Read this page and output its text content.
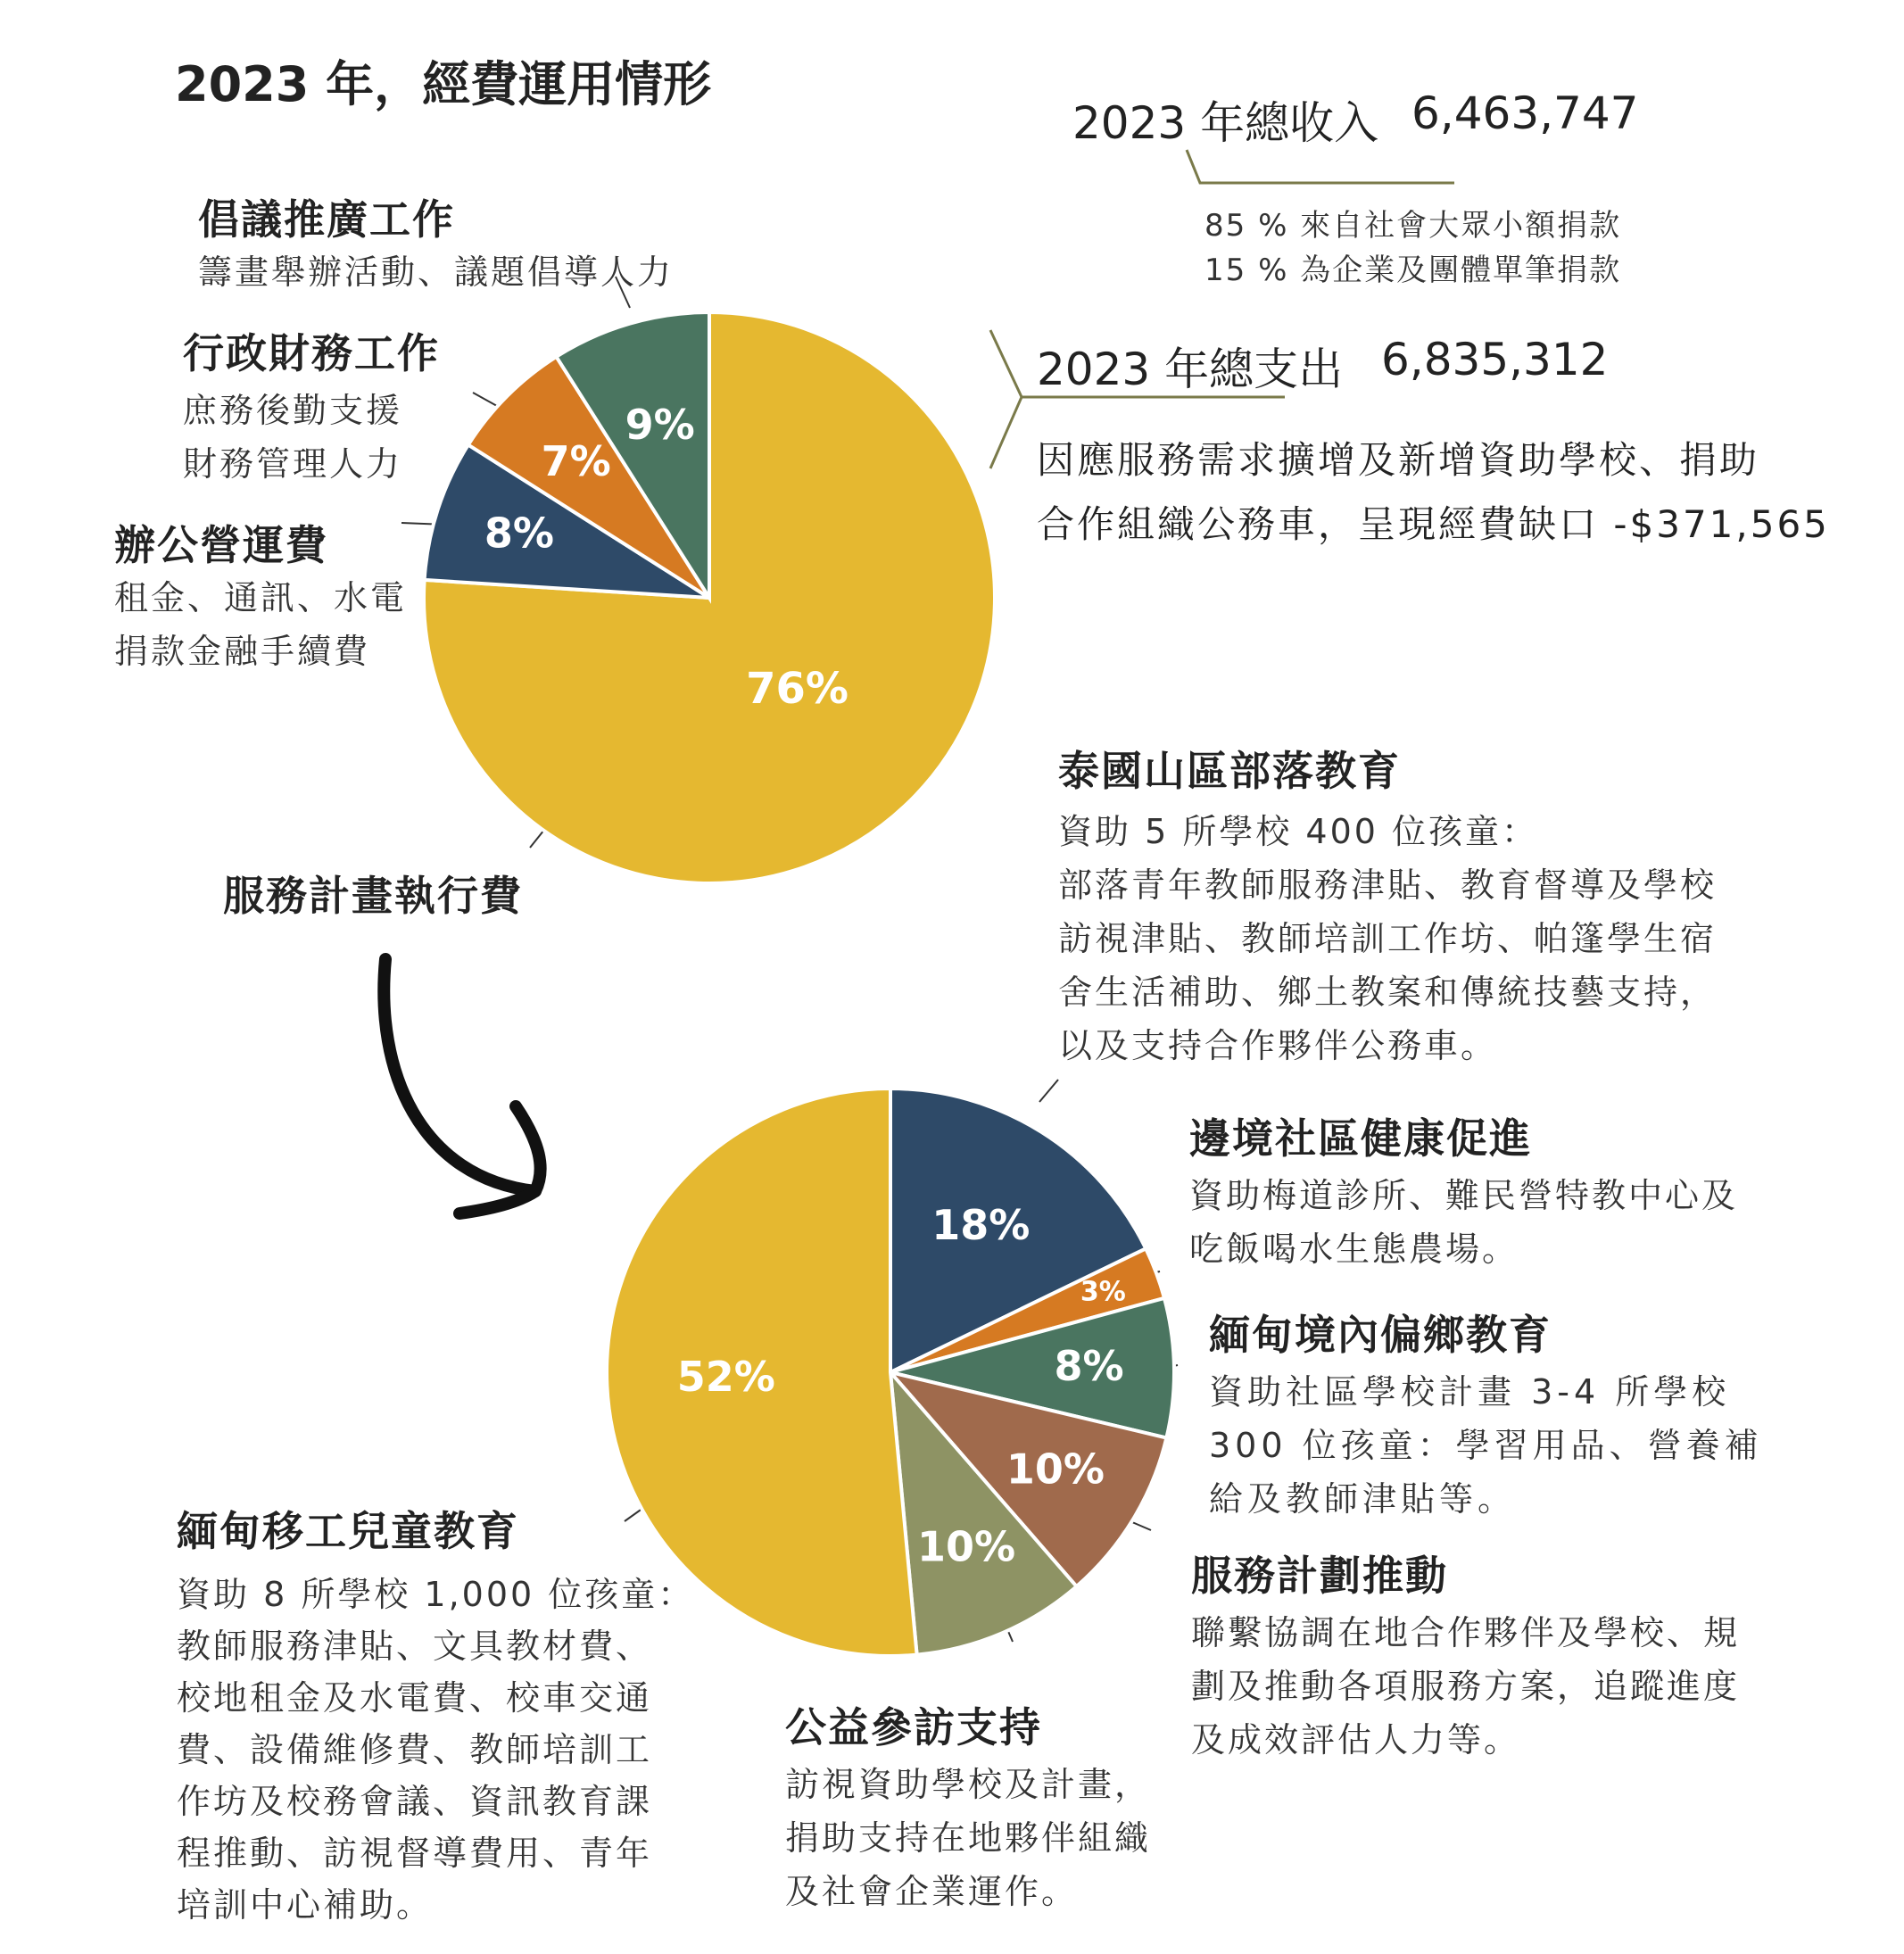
2023 年，經費運用情形
2023 年總收入 6,463,747
85 % 來自社會大眾小額捐款
15 % 為企業及團體單筆捐款
2023 年總支出 6,835,312
因應服務需求擴增及新增資助學校、捐助
合作組織公務車，呈現經費缺口 -$371,565
倡議推廣工作
籌畫舉辦活動、議題倡導人力
行政財務工作
庶務後勤支援
財務管理人力
辦公營運費
租金、通訊、水電
捐款金融手續費
服務計畫執行費
泰國山區部落教育
資助 5 所學校 400 位孩童：
部落青年教師服務津貼、教育督導及學校
訪視津貼、教師培訓工作坊、帕篷學生宿
舍生活補助、鄉土教案和傳統技藝支持，
以及支持合作夥伴公務車。
邊境社區健康促進
資助梅道診所、難民營特教中心及
吃飯喝水生態農場。
緬甸境內偏鄉教育
資助社區學校計畫 3-4 所學校
300 位孩童：學習用品、營養補
給及教師津貼等。
服務計劃推動
聯繫協調在地合作夥伴及學校、規
劃及推動各項服務方案，追蹤進度
及成效評估人力等。
公益參訪支持
訪視資助學校及計畫，
捐助支持在地夥伴組織
及社會企業運作。
緬甸移工兒童教育
資助 8 所學校 1,000 位孩童：
教師服務津貼、文具教材費、
校地租金及水電費、校車交通
費、設備維修費、教師培訓工
作坊及校務會議、資訊教育課
程推動、訪視督導費用、青年
培訓中心補助。
76%
8%
7%
9%
18%
3%
8%
10%
10%
52%
